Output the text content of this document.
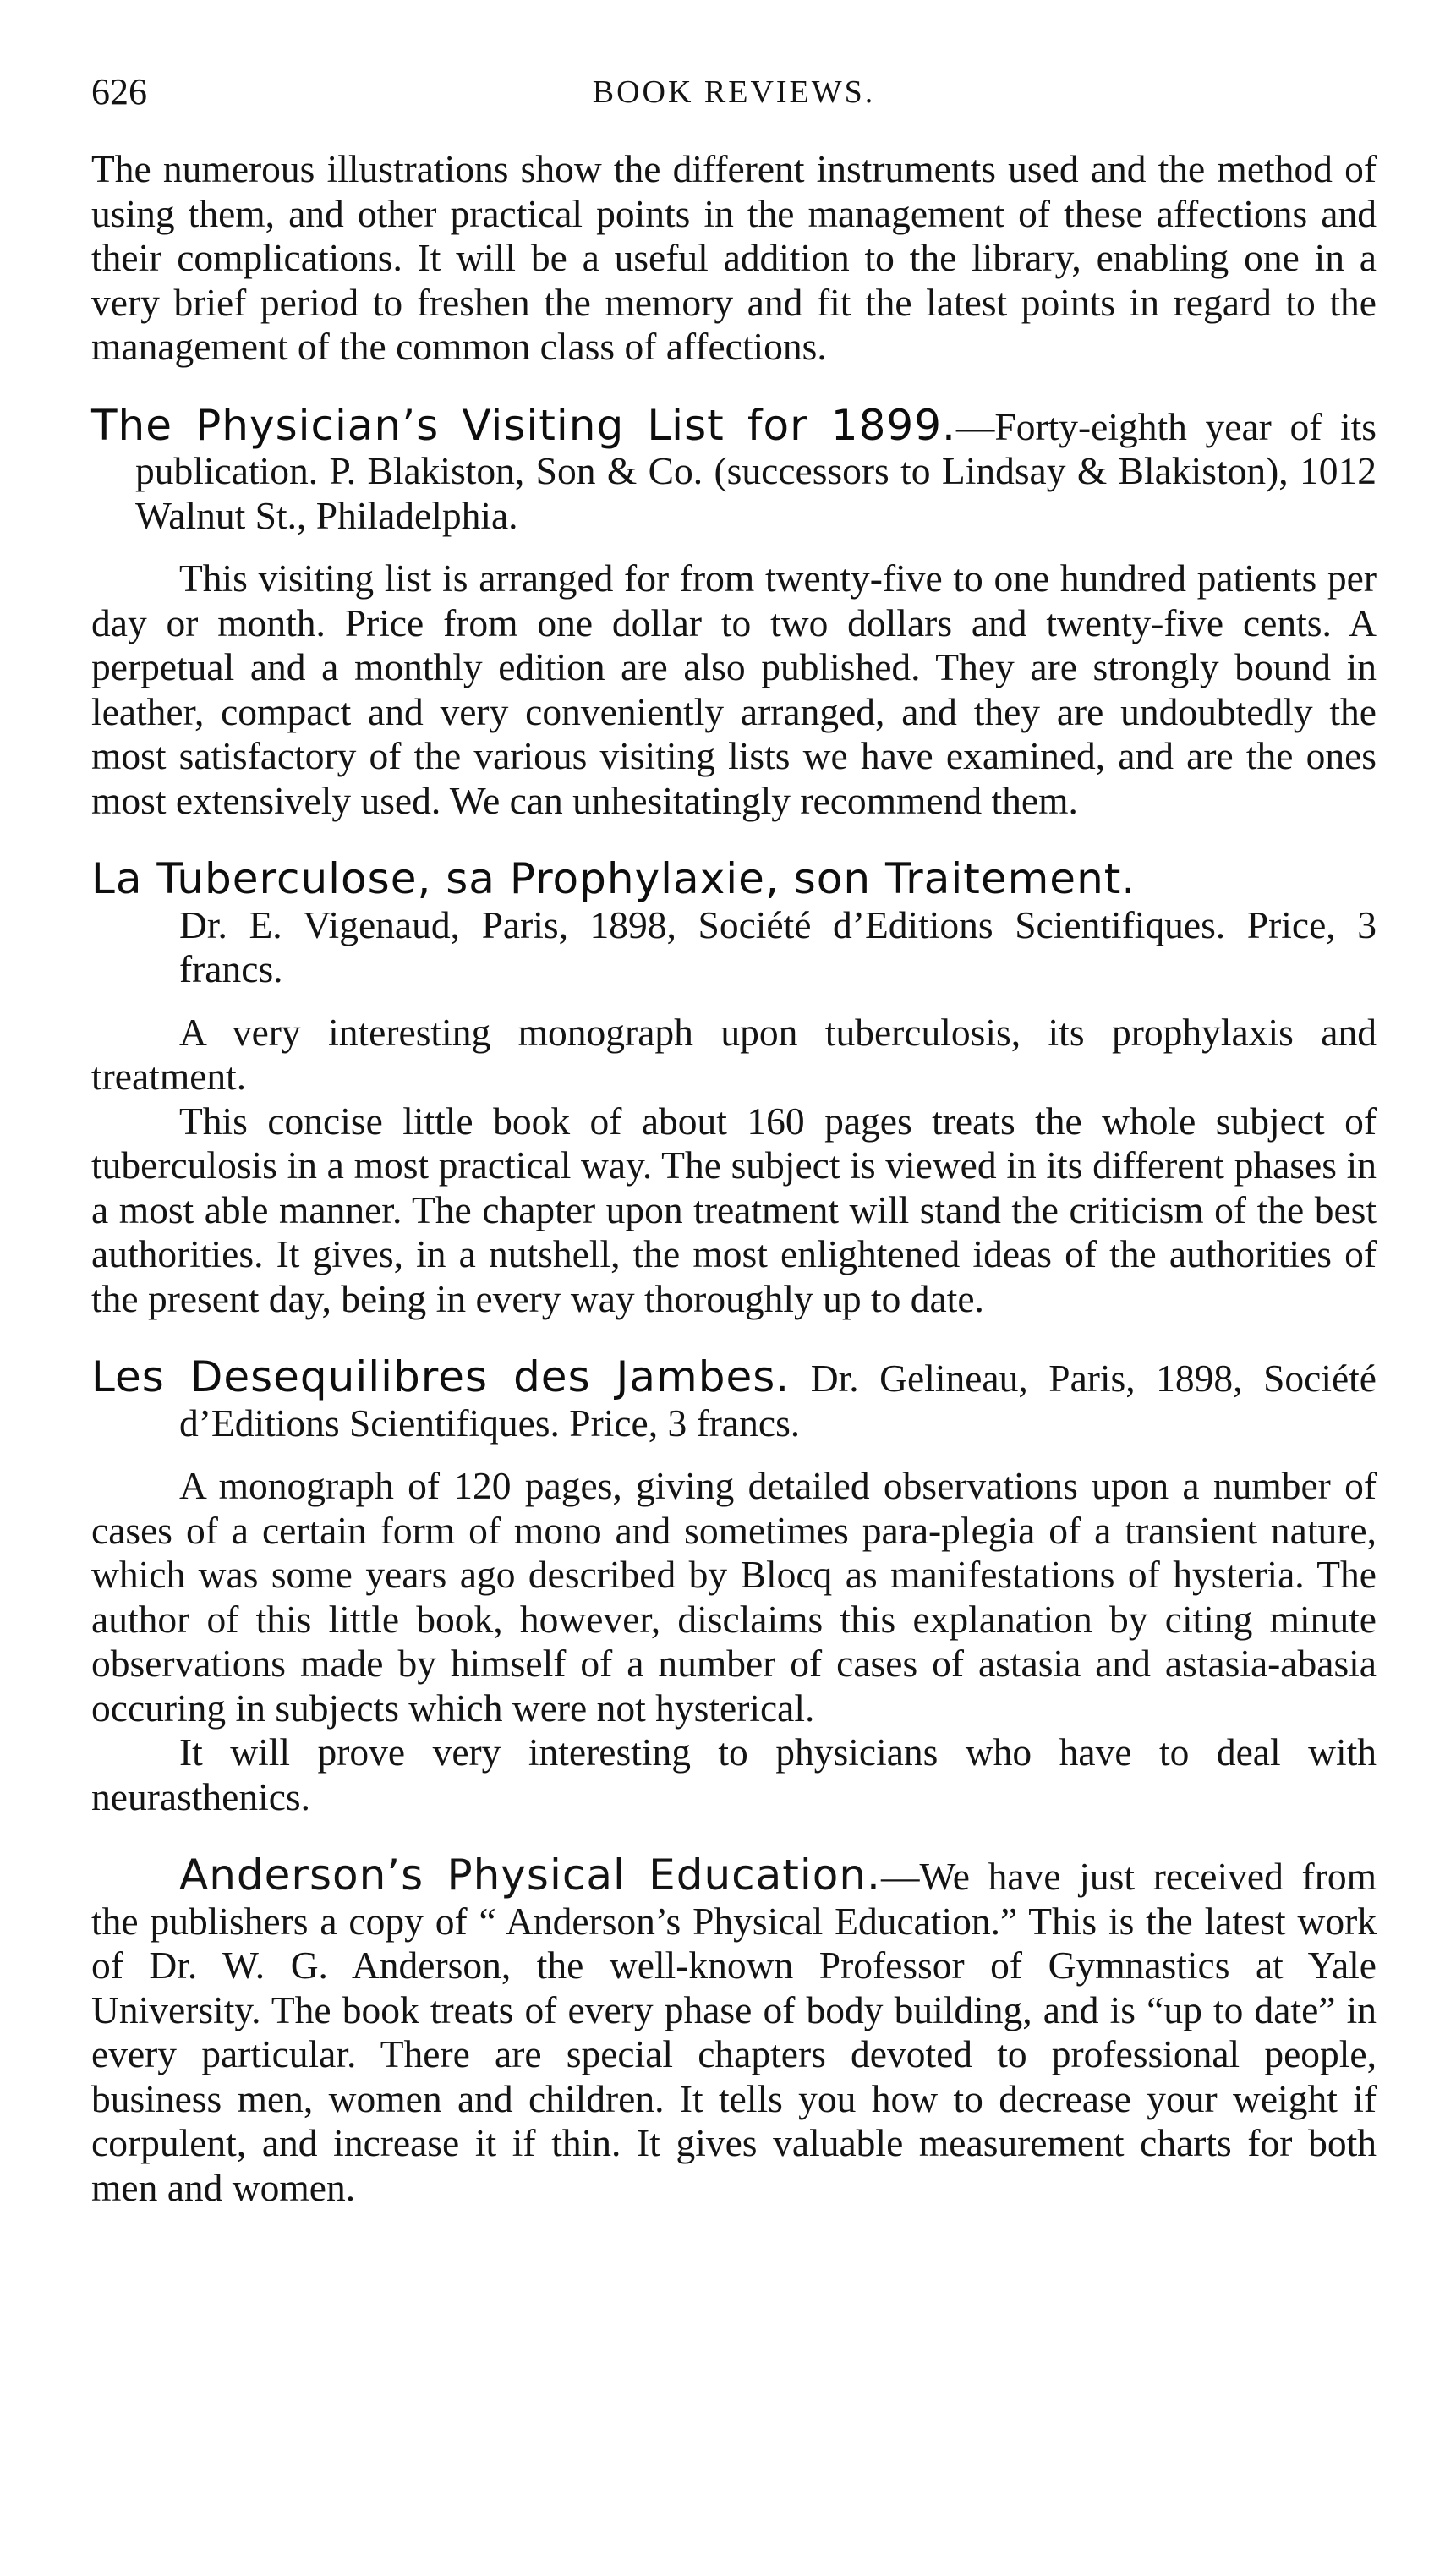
626	BOOK REVIEWS.

The numerous illustrations show the different instruments used and the method of using them, and other practical points in the management of these affections and their complications. It will be a useful addition to the library, enabling one in a very brief period to freshen the memory and fit the latest points in regard to the management of the common class of affections.

The Physician’s Visiting List for 1899.—Forty-eighth year of its publication. P. Blakiston, Son & Co. (successors to Lindsay & Blakiston), 1012 Walnut St., Philadelphia.

This visiting list is arranged for from twenty-five to one hundred patients per day or month. Price from one dollar to two dollars and twenty-five cents. A perpetual and a monthly edition are also published. They are strongly bound in leather, compact and very conveniently arranged, and they are undoubtedly the most satisfactory of the various visiting lists we have examined, and are the ones most extensively used. We can unhesitatingly recommend them.

La Tuberculose, sa Prophylaxie, son Traitement.
Dr. E. Vigenaud, Paris, 1898, Société d’Editions Scientifiques. Price, 3 francs.

A very interesting monograph upon tuberculosis, its prophylaxis and treatment.

This concise little book of about 160 pages treats the whole subject of tuberculosis in a most practical way. The subject is viewed in its different phases in a most able manner. The chapter upon treatment will stand the criticism of the best authorities. It gives, in a nutshell, the most enlightened ideas of the authorities of the present day, being in every way thoroughly up to date.

Les Desequilibres des Jambes. Dr. Gelineau, Paris, 1898, Société d’Editions Scientifiques. Price, 3 francs.

A monograph of 120 pages, giving detailed observations upon a number of cases of a certain form of mono and sometimes para-plegia of a transient nature, which was some years ago described by Blocq as manifestations of hysteria. The author of this little book, however, disclaims this explanation by citing minute observations made by himself of a number of cases of astasia and astasia-abasia occuring in subjects which were not hysterical.

It will prove very interesting to physicians who have to deal with neurasthenics.

Anderson’s Physical Education.—We have just received from the publishers a copy of “ Anderson’s Physical Education.” This is the latest work of Dr. W. G. Anderson, the well-known Professor of Gymnastics at Yale University. The book treats of every phase of body building, and is “up to date” in every particular. There are special chapters devoted to professional people, business men, women and children. It tells you how to decrease your weight if corpulent, and increase it if thin. It gives valuable measurement charts for both men and women.
